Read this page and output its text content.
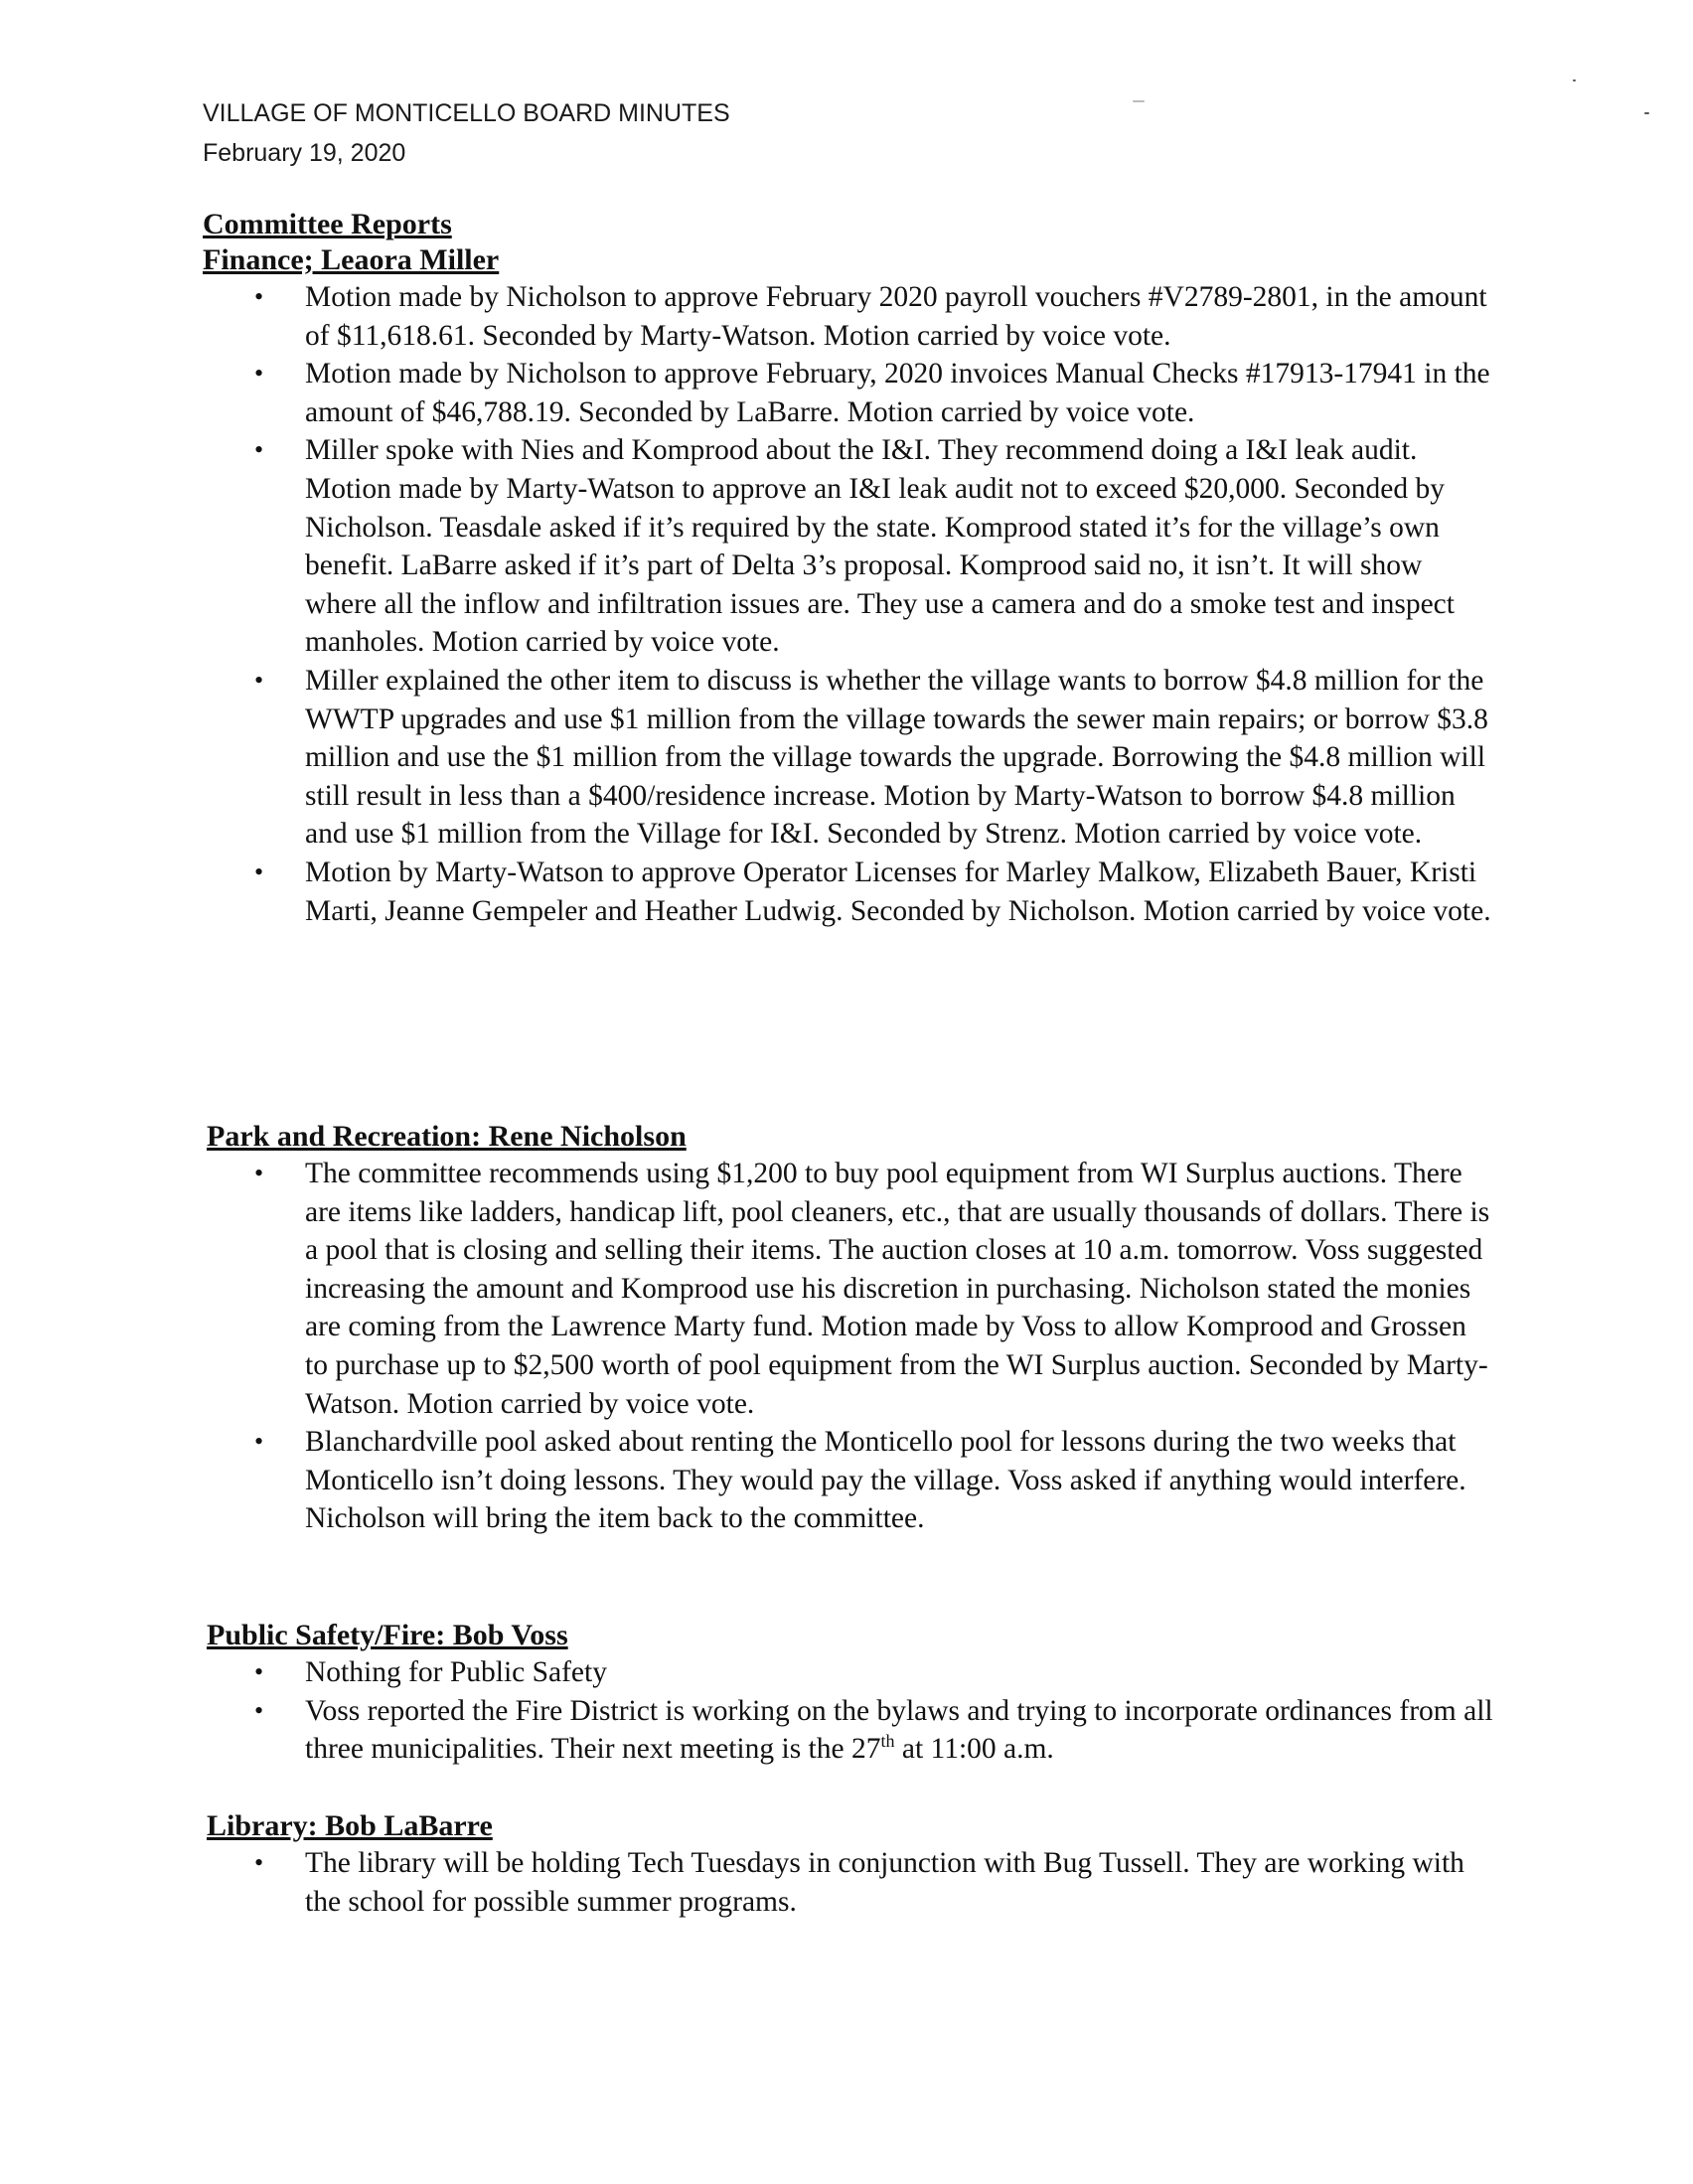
VILLAGE OF MONTICELLO BOARD MINUTES
February 19, 2020
Committee Reports
Finance; Leaora Miller
• Motion made by Nicholson to approve February 2020 payroll vouchers #V2789-2801, in the amount of $11,618.61. Seconded by Marty-Watson. Motion carried by voice vote.
• Motion made by Nicholson to approve February, 2020 invoices Manual Checks #17913-17941 in the amount of $46,788.19. Seconded by LaBarre. Motion carried by voice vote.
• Miller spoke with Nies and Komprood about the I&I. They recommend doing a I&I leak audit. Motion made by Marty-Watson to approve an I&I leak audit not to exceed $20,000. Seconded by Nicholson. Teasdale asked if it’s required by the state. Komprood stated it’s for the village’s own benefit. LaBarre asked if it’s part of Delta 3’s proposal. Komprood said no, it isn’t. It will show where all the inflow and infiltration issues are. They use a camera and do a smoke test and inspect manholes. Motion carried by voice vote.
• Miller explained the other item to discuss is whether the village wants to borrow $4.8 million for the WWTP upgrades and use $1 million from the village towards the sewer main repairs; or borrow $3.8 million and use the $1 million from the village towards the upgrade. Borrowing the $4.8 million will still result in less than a $400/residence increase. Motion by Marty-Watson to borrow $4.8 million and use $1 million from the Village for I&I. Seconded by Strenz. Motion carried by voice vote.
• Motion by Marty-Watson to approve Operator Licenses for Marley Malkow, Elizabeth Bauer, Kristi Marti, Jeanne Gempeler and Heather Ludwig. Seconded by Nicholson. Motion carried by voice vote.
Park and Recreation: Rene Nicholson
• The committee recommends using $1,200 to buy pool equipment from WI Surplus auctions. There are items like ladders, handicap lift, pool cleaners, etc., that are usually thousands of dollars. There is a pool that is closing and selling their items. The auction closes at 10 a.m. tomorrow. Voss suggested increasing the amount and Komprood use his discretion in purchasing. Nicholson stated the monies are coming from the Lawrence Marty fund. Motion made by Voss to allow Komprood and Grossen to purchase up to $2,500 worth of pool equipment from the WI Surplus auction. Seconded by Marty-Watson. Motion carried by voice vote.
• Blanchardville pool asked about renting the Monticello pool for lessons during the two weeks that Monticello isn’t doing lessons. They would pay the village. Voss asked if anything would interfere. Nicholson will bring the item back to the committee.
Public Safety/Fire: Bob Voss
• Nothing for Public Safety
• Voss reported the Fire District is working on the bylaws and trying to incorporate ordinances from all three municipalities. Their next meeting is the 27th at 11:00 a.m.
Library: Bob LaBarre
• The library will be holding Tech Tuesdays in conjunction with Bug Tussell. They are working with the school for possible summer programs.
